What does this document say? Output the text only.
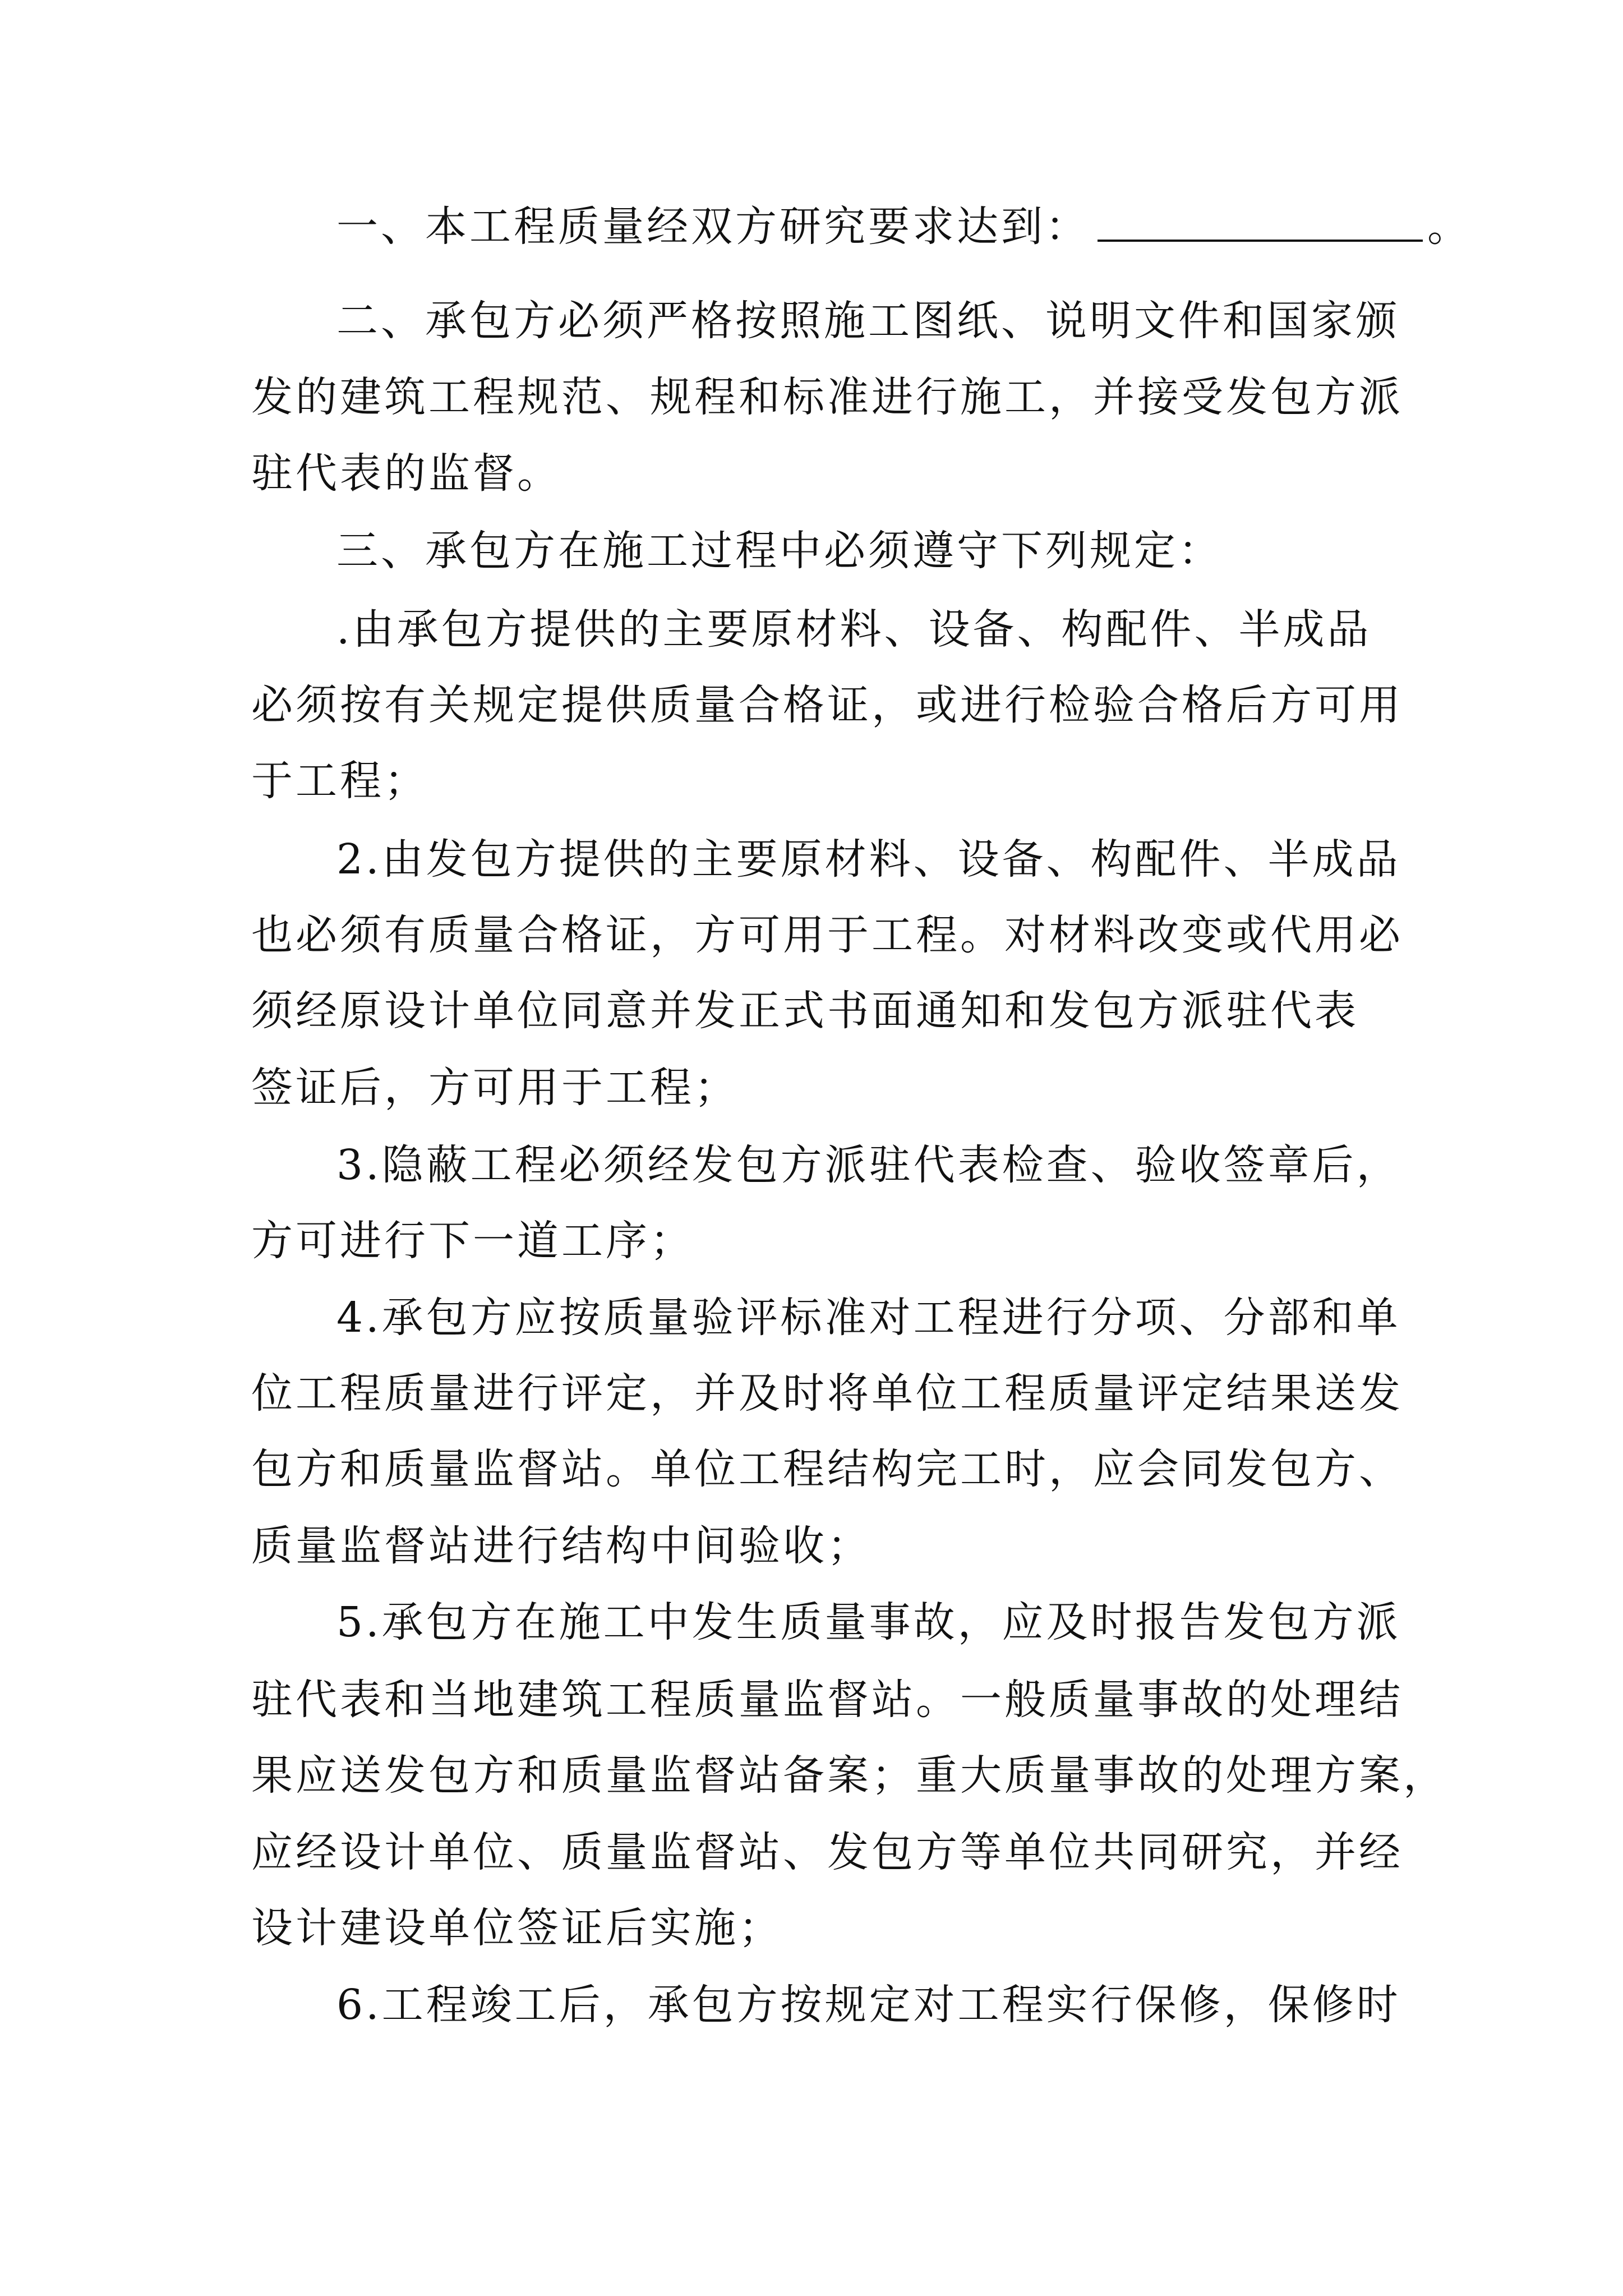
一、本工程质量经双方研究要求达到：	。
二、承包方必须严格按照施工图纸、说明文件和国家颁
发的建筑工程规范、规程和标准进行施工，并接受发包方派
驻代表的监督。
三、承包方在施工过程中必须遵守下列规定：
.由承包方提供的主要原材料、设备、构配件、半成品
必须按有关规定提供质量合格证，或进行检验合格后方可用
于工程；
2.由发包方提供的主要原材料、设备、构配件、半成品
也必须有质量合格证，方可用于工程。对材料改变或代用必
须经原设计单位同意并发正式书面通知和发包方派驻代表
签证后，方可用于工程；
3.隐蔽工程必须经发包方派驻代表检查、验收签章后，
方可进行下一道工序；
4.承包方应按质量验评标准对工程进行分项、分部和单
位工程质量进行评定，并及时将单位工程质量评定结果送发
包方和质量监督站。单位工程结构完工时，应会同发包方、
质量监督站进行结构中间验收；
5.承包方在施工中发生质量事故，应及时报告发包方派
驻代表和当地建筑工程质量监督站。一般质量事故的处理结
果应送发包方和质量监督站备案；重大质量事故的处理方案，
应经设计单位、质量监督站、发包方等单位共同研究，并经
设计建设单位签证后实施；
6.工程竣工后，承包方按规定对工程实行保修，保修时
